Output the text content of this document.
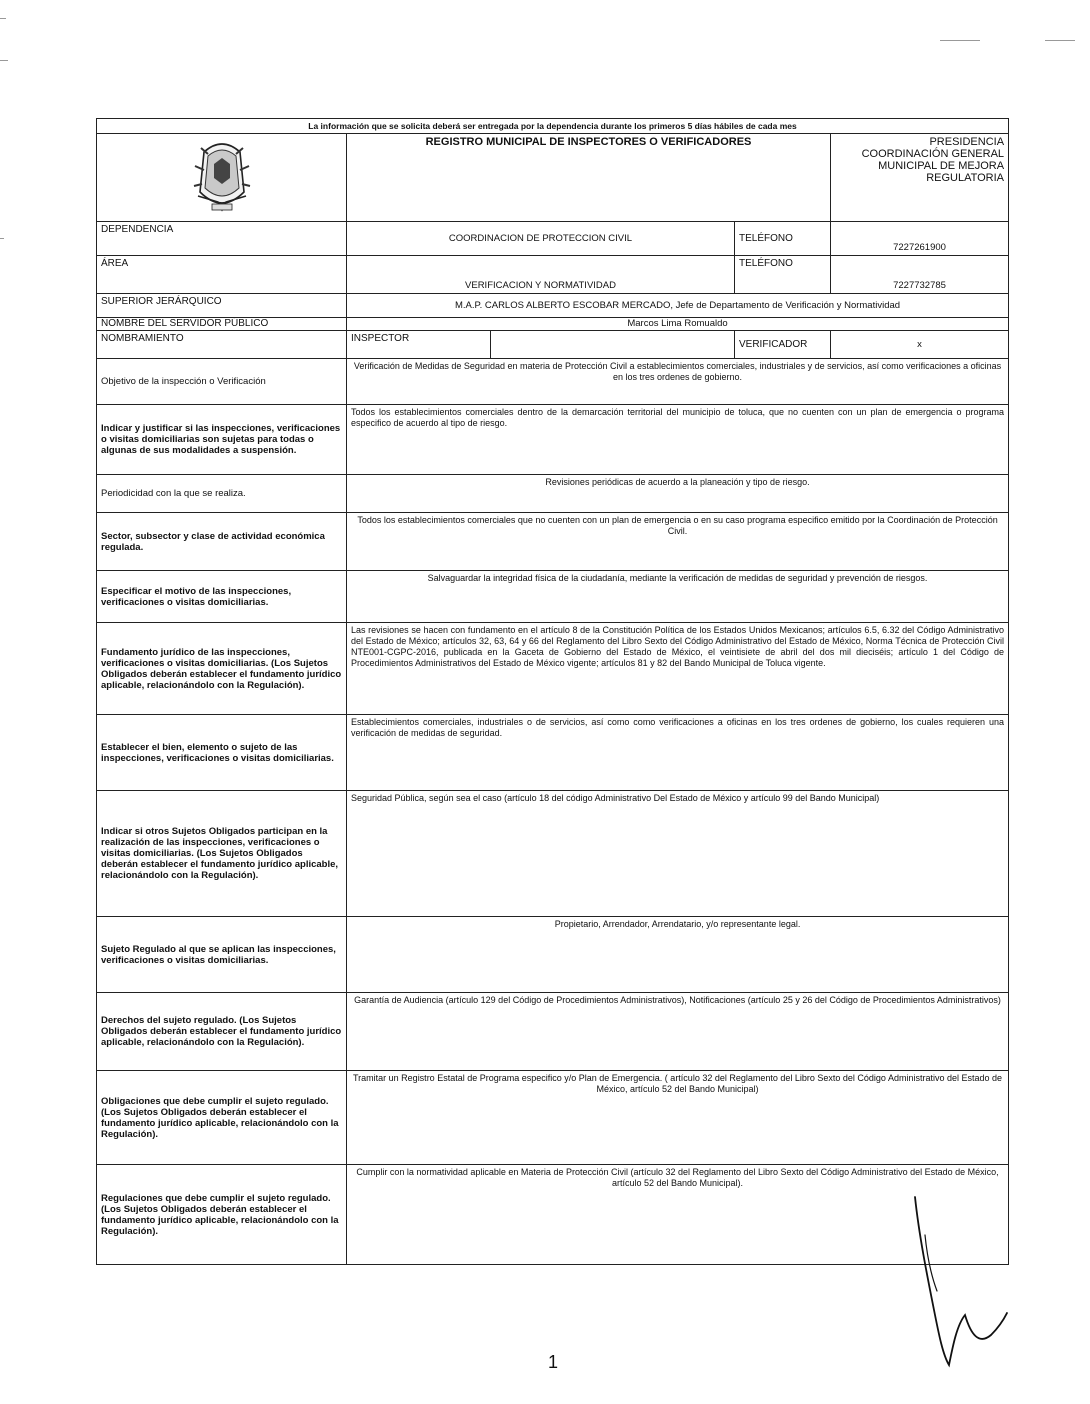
La información que se solicita deberá ser entregada por la dependencia durante los primeros 5 días hábiles de cada mes				
	REGISTRO MUNICIPAL DE INSPECTORES O VERIFICADORES			PRESIDENCIA
COORDINACIÓN GENERAL
MUNICIPAL DE MEJORA
REGULATORIA

DEPENDENCIA	COORDINACION DE PROTECCION CIVIL		TELÉFONO	7227261900
ÁREA	VERIFICACION Y NORMATIVIDAD		TELÉFONO	7227732785
SUPERIOR JERÁRQUICO	M.A.P. CARLOS ALBERTO ESCOBAR MERCADO, Jefe de Departamento de Verificación y Normatividad			
NOMBRE DEL SERVIDOR PÚBLICO	Marcos Lima Romualdo			
NOMBRAMIENTO	INSPECTOR		VERIFICADOR	x
Objetivo de la inspección o Verificación	Verificación de Medidas de Seguridad en materia de Protección Civil a establecimientos comerciales, industriales y de servicios, así como verificaciones a oficinas en los tres ordenes de gobierno.			
Indicar y justificar si las inspecciones, verificaciones o visitas domiciliarias son sujetas para todas o algunas de sus modalidades a suspensión.	Todos los establecimientos comerciales dentro de la demarcación territorial del municipio de toluca, que no cuenten con un plan de emergencia o programa especifico de acuerdo al tipo de riesgo.			
Periodicidad con la que se realiza.	Revisiones periódicas de acuerdo a la planeación y tipo de riesgo.			
Sector, subsector y clase de actividad económica regulada.	Todos los establecimientos comerciales que no cuenten con un plan de emergencia o en su caso programa especifico emitido por la Coordinación de Protección Civil.			
Especificar el motivo de las inspecciones, verificaciones o visitas domiciliarias.	Salvaguardar la integridad física de la ciudadanía, mediante la verificación de medidas de seguridad y prevención de riesgos.			
Fundamento jurídico de las inspecciones, verificaciones o visitas domiciliarias. (Los Sujetos Obligados deberán establecer el fundamento jurídico aplicable, relacionándolo con la Regulación).	Las revisiones se hacen con fundamento en el artículo 8 de la Constitución Política de los Estados Unidos Mexicanos; artículos 6.5, 6.32 del Código Administrativo del Estado de México; artículos 32, 63, 64 y 66 del Reglamento del Libro Sexto del Código Administrativo del Estado de México, Norma Técnica de Protección Civil NTE001-CGPC-2016, publicada en la Gaceta de Gobierno del Estado de México, el veintisiete de abril del dos mil dieciséis; artículo 1 del Código de Procedimientos Administrativos del Estado de México vigente; artículos 81 y 82 del Bando Municipal de Toluca vigente.			
Establecer el bien, elemento o sujeto de las inspecciones, verificaciones o visitas domiciliarias.	Establecimientos comerciales, industriales o de servicios, así como como verificaciones a oficinas en los tres ordenes de gobierno, los cuales requieren una verificación de medidas de seguridad.			
Indicar si otros Sujetos Obligados participan en la realización de las inspecciones, verificaciones o visitas domiciliarias. (Los Sujetos Obligados deberán establecer el fundamento jurídico aplicable, relacionándolo con la Regulación).	Seguridad Pública, según sea el caso (artículo 18 del código Administrativo Del Estado de México y artículo 99 del Bando Municipal)			
Sujeto Regulado al que se aplican las inspecciones, verificaciones o visitas domiciliarias.	Propietario, Arrendador, Arrendatario, y/o representante legal.			
Derechos del sujeto regulado. (Los Sujetos Obligados deberán establecer el fundamento jurídico aplicable, relacionándolo con la Regulación).	Garantía de Audiencia (artículo 129 del Código de Procedimientos Administrativos), Notificaciones (artículo 25 y 26 del Código de Procedimientos Administrativos)			
Obligaciones que debe cumplir el sujeto regulado. (Los Sujetos Obligados deberán establecer el fundamento jurídico aplicable, relacionándolo con la Regulación).	Tramitar un Registro Estatal de Programa especifico y/o Plan de Emergencia. ( artículo 32 del Reglamento del Libro Sexto del Código Administrativo del Estado de México, artículo 52 del Bando Municipal)			
Regulaciones que debe cumplir el sujeto regulado. (Los Sujetos Obligados deberán establecer el fundamento jurídico aplicable, relacionándolo con la Regulación).	Cumplir con la normatividad aplicable en Materia de Protección Civil (artículo 32 del Reglamento del Libro Sexto del Código Administrativo del Estado de México, artículo 52 del Bando Municipal).			
1
